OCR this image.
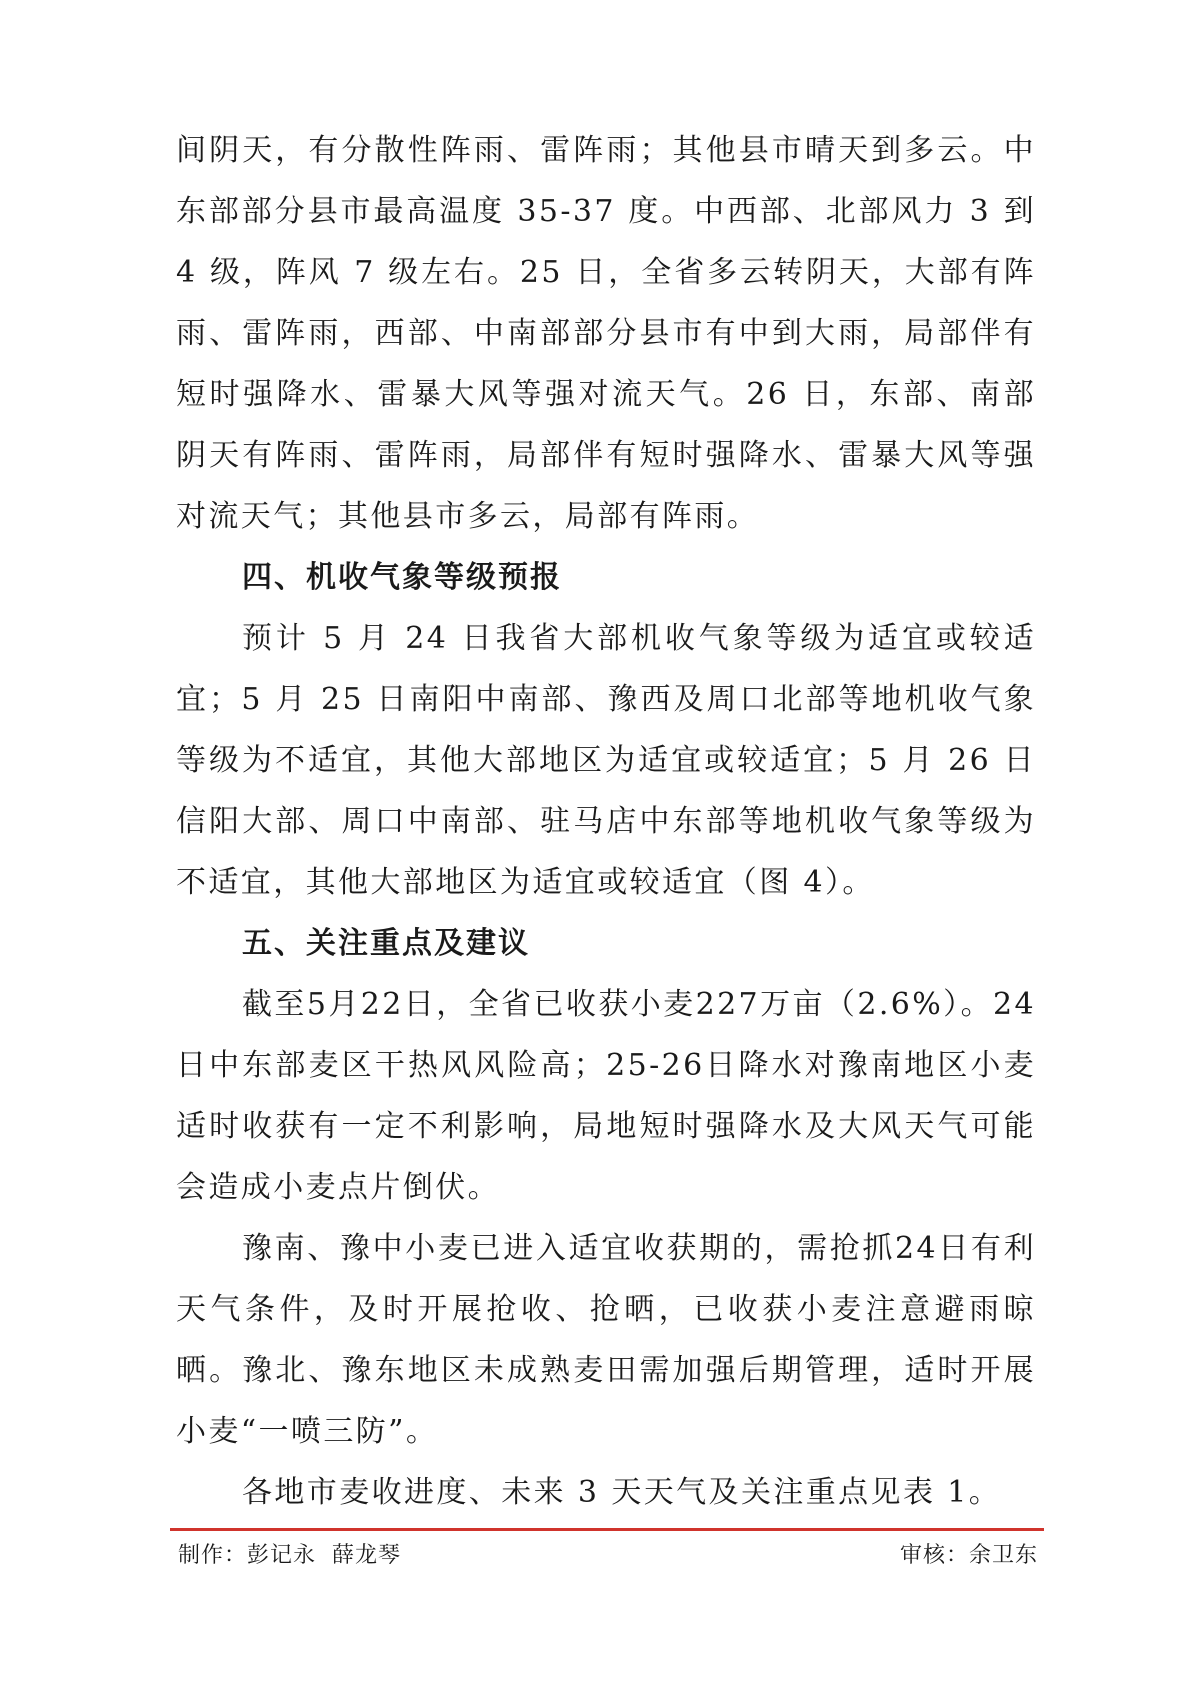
间阴天，有分散性阵雨、雷阵雨；其他县市晴天到多云。中东部部分县市最高温度 35-37 度。中西部、北部风力 3 到 4 级，阵风 7 级左右。25 日，全省多云转阴天，大部有阵雨、雷阵雨，西部、中南部部分县市有中到大雨，局部伴有短时强降水、雷暴大风等强对流天气。26 日，东部、南部阴天有阵雨、雷阵雨，局部伴有短时强降水、雷暴大风等强对流天气；其他县市多云，局部有阵雨。

四、机收气象等级预报

预计 5 月 24 日我省大部机收气象等级为适宜或较适宜；5 月 25 日南阳中南部、豫西及周口北部等地机收气象等级为不适宜，其他大部地区为适宜或较适宜；5 月 26 日信阳大部、周口中南部、驻马店中东部等地机收气象等级为不适宜，其他大部地区为适宜或较适宜（图 4）。

五、关注重点及建议

截至5月22日，全省已收获小麦227万亩（2.6%）。24日中东部麦区干热风风险高；25-26日降水对豫南地区小麦适时收获有一定不利影响，局地短时强降水及大风天气可能会造成小麦点片倒伏。

豫南、豫中小麦已进入适宜收获期的，需抢抓24日有利天气条件，及时开展抢收、抢晒，已收获小麦注意避雨晾晒。豫北、豫东地区未成熟麦田需加强后期管理，适时开展小麦“一喷三防”。

各地市麦收进度、未来 3 天天气及关注重点见表 1。

制作：彭记永  薛龙琴	审核：余卫东
